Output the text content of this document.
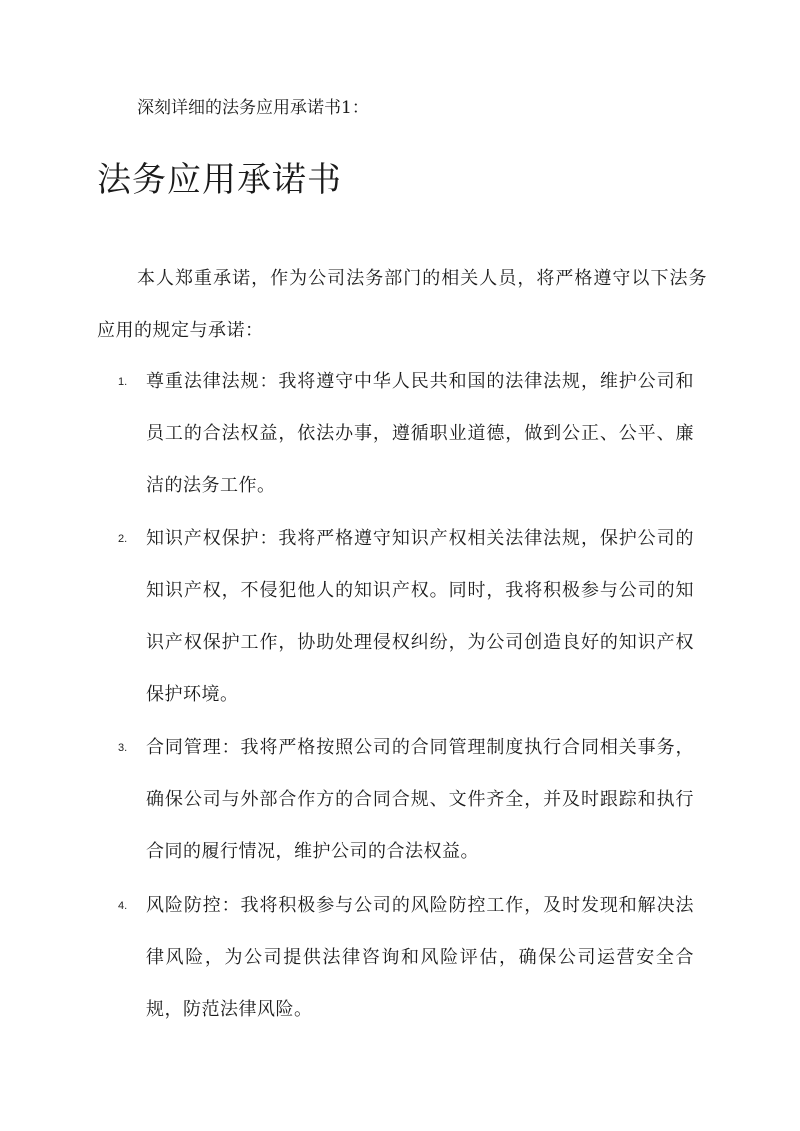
深刻详细的法务应用承诺书1：
法务应用承诺书
本人郑重承诺，作为公司法务部门的相关人员，将严格遵守以下法务应用的规定与承诺：
1.	尊重法律法规：我将遵守中华人民共和国的法律法规，维护公司和员工的合法权益，依法办事，遵循职业道德，做到公正、公平、廉洁的法务工作。
2.	知识产权保护：我将严格遵守知识产权相关法律法规，保护公司的知识产权，不侵犯他人的知识产权。同时，我将积极参与公司的知识产权保护工作，协助处理侵权纠纷，为公司创造良好的知识产权保护环境。
3.	合同管理：我将严格按照公司的合同管理制度执行合同相关事务，确保公司与外部合作方的合同合规、文件齐全，并及时跟踪和执行合同的履行情况，维护公司的合法权益。
4.	风险防控：我将积极参与公司的风险防控工作，及时发现和解决法律风险，为公司提供法律咨询和风险评估，确保公司运营安全合规，防范法律风险。
